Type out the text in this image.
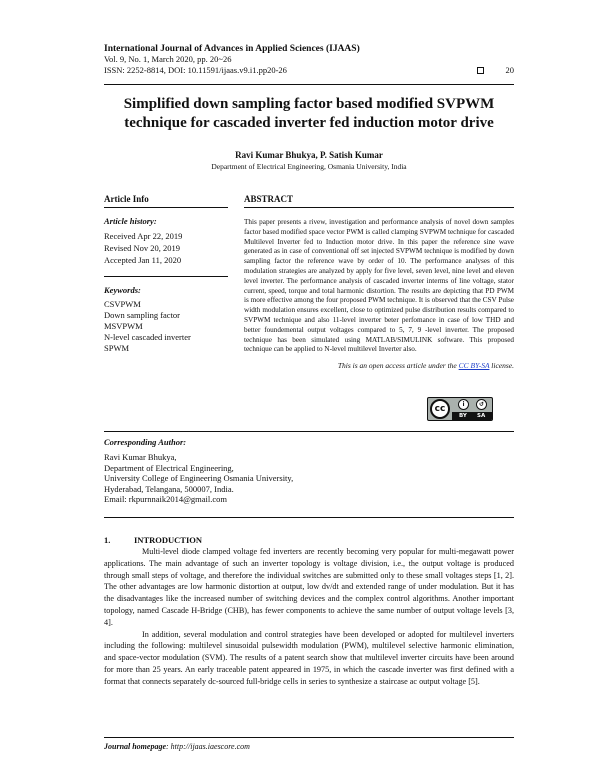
International Journal of Advances in Applied Sciences (IJAAS)
Vol. 9, No. 1, March 2020, pp. 20~26
ISSN: 2252-8814, DOI: 10.11591/ijaas.v9.i1.pp20-26	20
Simplified down sampling factor based modified SVPWM technique for cascaded inverter fed induction motor drive
Ravi Kumar Bhukya, P. Satish Kumar
Department of Electrical Engineering, Osmania University, India
Article Info
Article history:
Received Apr 22, 2019
Revised Nov 20, 2019
Accepted Jan 11, 2020
Keywords:
CSVPWM
Down sampling factor
MSVPWM
N-level cascaded inverter
SPWM
ABSTRACT

This paper presents a rivew, investigation and performance analysis of novel down samples factor based modified space vector PWM is called clamping SVPWM technique for cascaded Multilevel Inverter fed to Induction motor drive. In this paper the reference sine wave generated as in case of conventional off set injected SVPWM technique is modified by down sampling factor the reference wave by order of 10. The performance analyses of this modulation strategies are analyzed by apply for five level, seven level, nine level and eleven level inverter. The performance analysis of cascaded inverter interms of line voltage, stator current, speed, torque and total harmonic distortion. The results are depicting that PD PWM is more effective among the four proposed PWM technique. It is observed that the CSV Pulse width modulation ensures excellent, close to optimized pulse distribution results compared to SVPWM technique and also 11-level inverter beter perfomance in case of low THD and better foundemental output voltages compared to 5, 7, 9 -level inverter. The proposed technique has been simulated using MATLAB/SIMULINK software. This proposed technique can be applied to N-level multilevel Inverter also.

This is an open access article under the CC BY-SA license.

cc	i	↺
BY SA
Corresponding Author:
Ravi Kumar Bhukya,
Department of Electrical Engineering,
University College of Engineering Osmania University,
Hyderabad, Telangana, 500007, India.
Email: rkpurnnaik2014@gmail.com
1.	INTRODUCTION

Multi-level diode clamped voltage fed inverters are recently becoming very popular for multi-megawatt power applications. The main advantage of such an inverter topology is voltage division, i.e., the output voltage is produced through small steps of voltage, and therefore the individual switches are submitted only to these small voltages steps [1, 2]. The other advantages are low harmonic distortion at output, low dv/dt and extended range of under modulation. But it has the disadvantages like the increased number of switching devices and the complex control algorithms. Another important topology, named Cascade H-Bridge (CHB), has fewer components to achieve the same number of output voltage levels [3, 4].

In addition, several modulation and control strategies have been developed or adopted for multilevel inverters including the following: multilevel sinusoidal pulsewidth modulation (PWM), multilevel selective harmonic elimination, and space-vector modulation (SVM). The results of a patent search show that multilevel inverter circuits have been around for more than 25 years. An early traceable patent appeared in 1975, in which the cascade inverter was first defined with a format that connects separately dc-sourced full-bridge cells in series to synthesize a staircase ac output voltage [5].

Journal homepage: http://ijaas.iaescore.com
